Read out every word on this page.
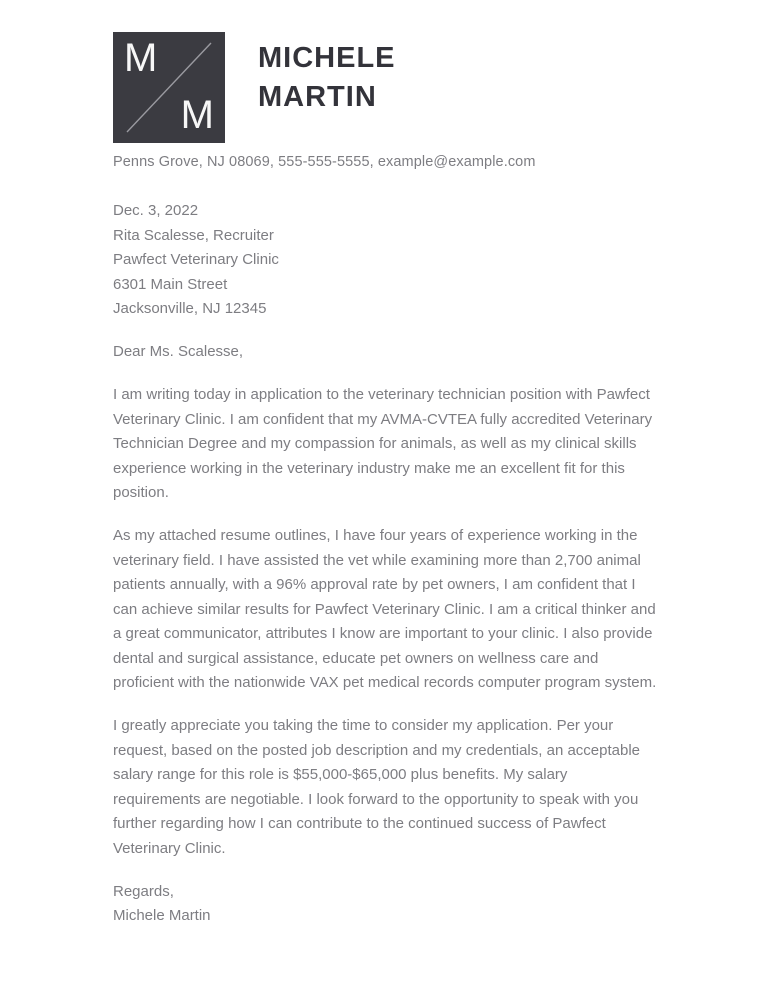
M
M
MICHELE
MARTIN
Penns Grove, NJ 08069, 555-555-5555, example@example.com
Dec. 3, 2022
Rita Scalesse, Recruiter
Pawfect Veterinary Clinic
6301 Main Street
Jacksonville, NJ 12345

Dear Ms. Scalesse,

I am writing today in application to the veterinary technician position with Pawfect Veterinary Clinic. I am confident that my AVMA-CVTEA fully accredited Veterinary Technician Degree and my compassion for animals, as well as my clinical skills experience working in the veterinary industry make me an excellent fit for this position.

As my attached resume outlines, I have four years of experience working in the veterinary field. I have assisted the vet while examining more than 2,700 animal patients annually, with a 96% approval rate by pet owners, I am confident that I can achieve similar results for Pawfect Veterinary Clinic. I am a critical thinker and a great communicator, attributes I know are important to your clinic. I also provide dental and surgical assistance, educate pet owners on wellness care and proficient with the nationwide VAX pet medical records computer program system.

I greatly appreciate you taking the time to consider my application. Per your request, based on the posted job description and my credentials, an acceptable salary range for this role is $55,000-$65,000 plus benefits. My salary requirements are negotiable. I look forward to the opportunity to speak with you further regarding how I can contribute to the continued success of Pawfect Veterinary Clinic.

Regards,
Michele Martin
